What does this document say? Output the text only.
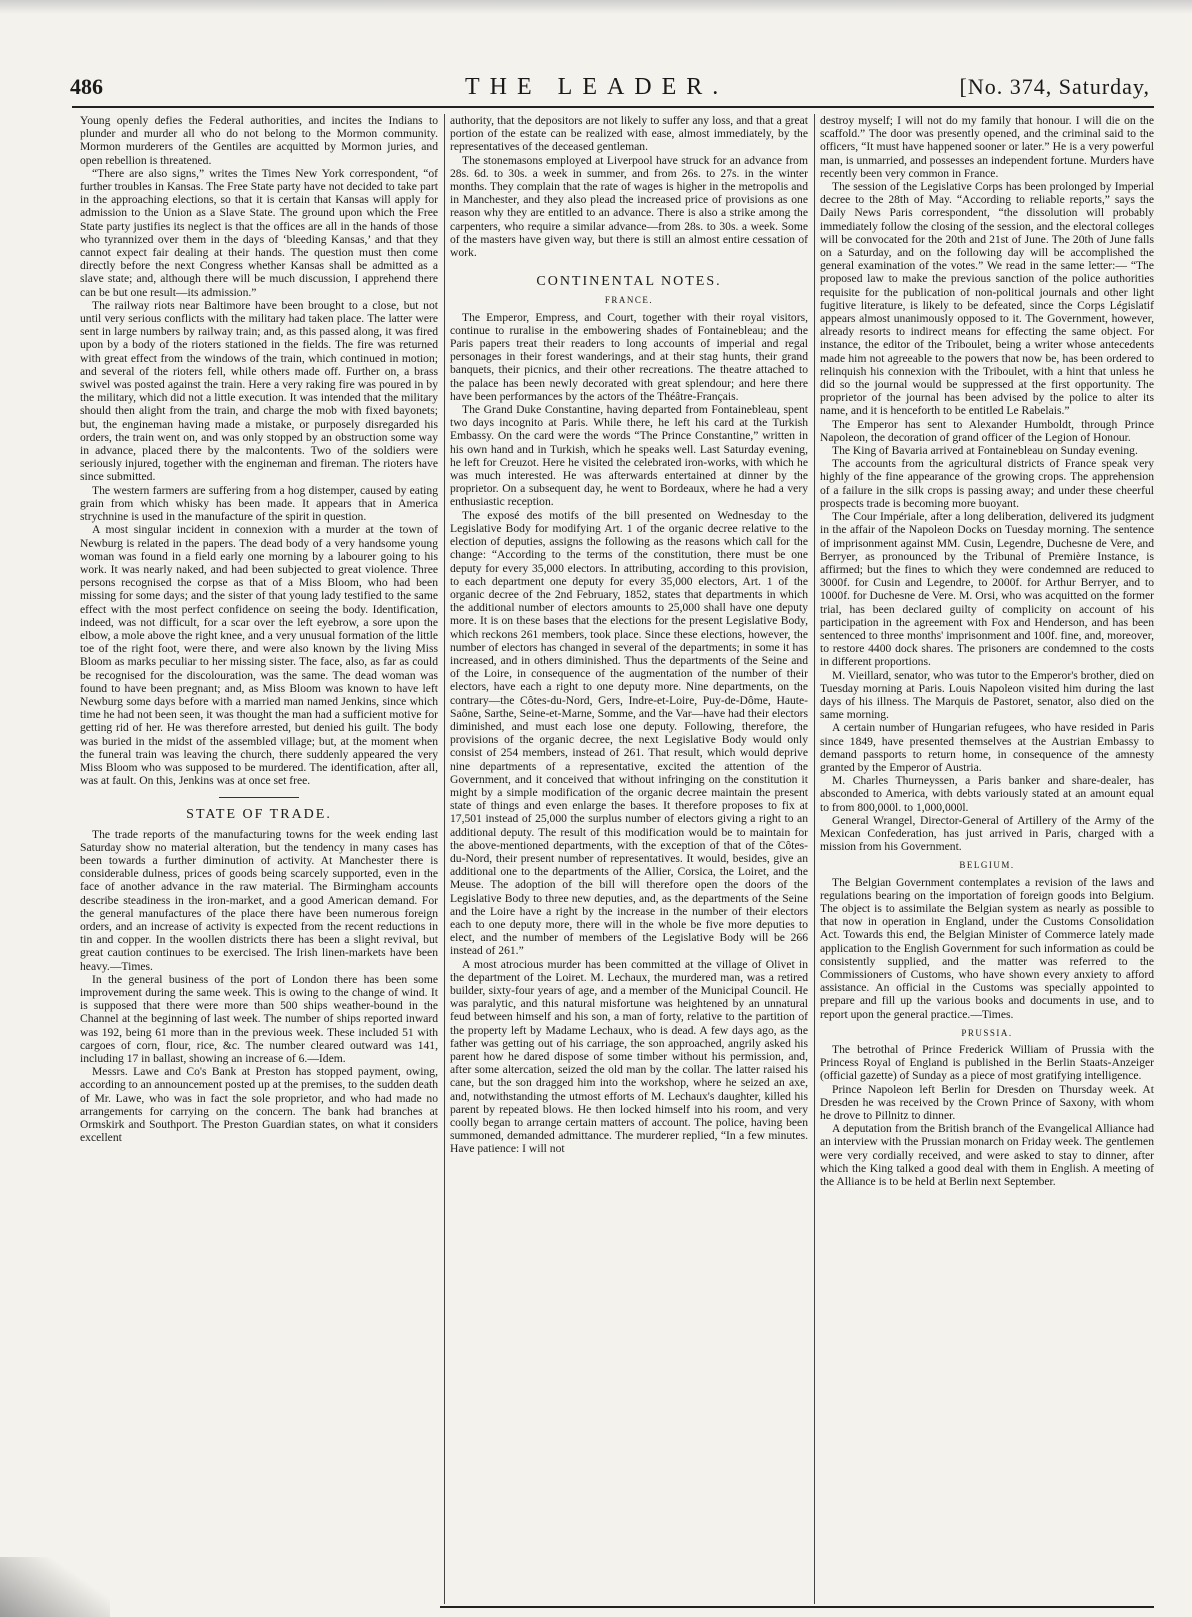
486	THE LEADER.	[No. 374, Saturday,

Young openly defies the Federal authorities, and incites the Indians to plunder and murder all who do not belong to the Mormon community. Mormon murderers of the Gentiles are acquitted by Mormon juries, and open rebellion is threatened.

“There are also signs,” writes the Times New York correspondent, “of further troubles in Kansas. The Free State party have not decided to take part in the approaching elections, so that it is certain that Kansas will apply for admission to the Union as a Slave State. The ground upon which the Free State party justifies its neglect is that the offices are all in the hands of those who tyrannized over them in the days of ‘bleeding Kansas,’ and that they cannot expect fair dealing at their hands. The question must then come directly before the next Congress whether Kansas shall be admitted as a slave state; and, although there will be much discussion, I apprehend there can be but one result—its admission.”

The railway riots near Baltimore have been brought to a close, but not until very serious conflicts with the military had taken place. The latter were sent in large numbers by railway train; and, as this passed along, it was fired upon by a body of the rioters stationed in the fields. The fire was returned with great effect from the windows of the train, which continued in motion; and several of the rioters fell, while others made off. Further on, a brass swivel was posted against the train. Here a very raking fire was poured in by the military, which did not a little execution. It was intended that the military should then alight from the train, and charge the mob with fixed bayonets; but, the engineman having made a mistake, or purposely disregarded his orders, the train went on, and was only stopped by an obstruction some way in advance, placed there by the malcontents. Two of the soldiers were seriously injured, together with the engineman and fireman. The rioters have since submitted.

The western farmers are suffering from a hog distemper, caused by eating grain from which whisky has been made. It appears that in America strychnine is used in the manufacture of the spirit in question.

A most singular incident in connexion with a murder at the town of Newburg is related in the papers. The dead body of a very handsome young woman was found in a field early one morning by a labourer going to his work. It was nearly naked, and had been subjected to great violence. Three persons recognised the corpse as that of a Miss Bloom, who had been missing for some days; and the sister of that young lady testified to the same effect with the most perfect confidence on seeing the body. Identification, indeed, was not difficult, for a scar over the left eyebrow, a sore upon the elbow, a mole above the right knee, and a very unusual formation of the little toe of the right foot, were there, and were also known by the living Miss Bloom as marks peculiar to her missing sister. The face, also, as far as could be recognised for the discolouration, was the same. The dead woman was found to have been pregnant; and, as Miss Bloom was known to have left Newburg some days before with a married man named Jenkins, since which time he had not been seen, it was thought the man had a sufficient motive for getting rid of her. He was therefore arrested, but denied his guilt. The body was buried in the midst of the assembled village; but, at the moment when the funeral train was leaving the church, there suddenly appeared the very Miss Bloom who was supposed to be murdered. The identification, after all, was at fault. On this, Jenkins was at once set free.

STATE OF TRADE.

The trade reports of the manufacturing towns for the week ending last Saturday show no material alteration, but the tendency in many cases has been towards a further diminution of activity. At Manchester there is considerable dulness, prices of goods being scarcely supported, even in the face of another advance in the raw material. The Birmingham accounts describe steadiness in the iron-market, and a good American demand. For the general manufactures of the place there have been numerous foreign orders, and an increase of activity is expected from the recent reductions in tin and copper. In the woollen districts there has been a slight revival, but great caution continues to be exercised. The Irish linen-markets have been heavy.—Times.

In the general business of the port of London there has been some improvement during the same week. This is owing to the change of wind. It is supposed that there were more than 500 ships weather-bound in the Channel at the beginning of last week. The number of ships reported inward was 192, being 61 more than in the previous week. These included 51 with cargoes of corn, flour, rice, &c. The number cleared outward was 141, including 17 in ballast, showing an increase of 6.—Idem.

Messrs. Lawe and Co's Bank at Preston has stopped payment, owing, according to an announcement posted up at the premises, to the sudden death of Mr. Lawe, who was in fact the sole proprietor, and who had made no arrangements for carrying on the concern. The bank had branches at Ormskirk and Southport. The Preston Guardian states, on what it considers excellent

authority, that the depositors are not likely to suffer any loss, and that a great portion of the estate can be realized with ease, almost immediately, by the representatives of the deceased gentleman.

The stonemasons employed at Liverpool have struck for an advance from 28s. 6d. to 30s. a week in summer, and from 26s. to 27s. in the winter months. They complain that the rate of wages is higher in the metropolis and in Manchester, and they also plead the increased price of provisions as one reason why they are entitled to an advance. There is also a strike among the carpenters, who require a similar advance—from 28s. to 30s. a week. Some of the masters have given way, but there is still an almost entire cessation of work.

CONTINENTAL NOTES.
FRANCE.

The Emperor, Empress, and Court, together with their royal visitors, continue to ruralise in the embowering shades of Fontainebleau; and the Paris papers treat their readers to long accounts of imperial and regal personages in their forest wanderings, and at their stag hunts, their grand banquets, their picnics, and their other recreations. The theatre attached to the palace has been newly decorated with great splendour; and here there have been performances by the actors of the Théâtre-Français.

The Grand Duke Constantine, having departed from Fontainebleau, spent two days incognito at Paris. While there, he left his card at the Turkish Embassy. On the card were the words “The Prince Constantine,” written in his own hand and in Turkish, which he speaks well. Last Saturday evening, he left for Creuzot. Here he visited the celebrated iron-works, with which he was much interested. He was afterwards entertained at dinner by the proprietor. On a subsequent day, he went to Bordeaux, where he had a very enthusiastic reception.

The exposé des motifs of the bill presented on Wednesday to the Legislative Body for modifying Art. 1 of the organic decree relative to the election of deputies, assigns the following as the reasons which call for the change: “According to the terms of the constitution, there must be one deputy for every 35,000 electors. In attributing, according to this provision, to each department one deputy for every 35,000 electors, Art. 1 of the organic decree of the 2nd February, 1852, states that departments in which the additional number of electors amounts to 25,000 shall have one deputy more. It is on these bases that the elections for the present Legislative Body, which reckons 261 members, took place. Since these elections, however, the number of electors has changed in several of the departments; in some it has increased, and in others diminished. Thus the departments of the Seine and of the Loire, in consequence of the augmentation of the number of their electors, have each a right to one deputy more. Nine departments, on the contrary—the Côtes-du-Nord, Gers, Indre-et-Loire, Puy-de-Dôme, Haute-Saône, Sarthe, Seine-et-Marne, Somme, and the Var—have had their electors diminished, and must each lose one deputy. Following, therefore, the provisions of the organic decree, the next Legislative Body would only consist of 254 members, instead of 261. That result, which would deprive nine departments of a representative, excited the attention of the Government, and it conceived that without infringing on the constitution it might by a simple modification of the organic decree maintain the present state of things and even enlarge the bases. It therefore proposes to fix at 17,501 instead of 25,000 the surplus number of electors giving a right to an additional deputy. The result of this modification would be to maintain for the above-mentioned departments, with the exception of that of the Côtes-du-Nord, their present number of representatives. It would, besides, give an additional one to the departments of the Allier, Corsica, the Loiret, and the Meuse. The adoption of the bill will therefore open the doors of the Legislative Body to three new deputies, and, as the departments of the Seine and the Loire have a right by the increase in the number of their electors each to one deputy more, there will in the whole be five more deputies to elect, and the number of members of the Legislative Body will be 266 instead of 261.”

A most atrocious murder has been committed at the village of Olivet in the department of the Loiret. M. Lechaux, the murdered man, was a retired builder, sixty-four years of age, and a member of the Municipal Council. He was paralytic, and this natural misfortune was heightened by an unnatural feud between himself and his son, a man of forty, relative to the partition of the property left by Madame Lechaux, who is dead. A few days ago, as the father was getting out of his carriage, the son approached, angrily asked his parent how he dared dispose of some timber without his permission, and, after some altercation, seized the old man by the collar. The latter raised his cane, but the son dragged him into the workshop, where he seized an axe, and, notwithstanding the utmost efforts of M. Lechaux's daughter, killed his parent by repeated blows. He then locked himself into his room, and very coolly began to arrange certain matters of account. The police, having been summoned, demanded admittance. The murderer replied, “In a few minutes. Have patience: I will not

destroy myself; I will not do my family that honour. I will die on the scaffold.” The door was presently opened, and the criminal said to the officers, “It must have happened sooner or later.” He is a very powerful man, is unmarried, and possesses an independent fortune. Murders have recently been very common in France.

The session of the Legislative Corps has been prolonged by Imperial decree to the 28th of May. “According to reliable reports,” says the Daily News Paris correspondent, “the dissolution will probably immediately follow the closing of the session, and the electoral colleges will be convocated for the 20th and 21st of June. The 20th of June falls on a Saturday, and on the following day will be accomplished the general examination of the votes.” We read in the same letter:— “The proposed law to make the previous sanction of the police authorities requisite for the publication of non-political journals and other light fugitive literature, is likely to be defeated, since the Corps Législatif appears almost unanimously opposed to it. The Government, however, already resorts to indirect means for effecting the same object. For instance, the editor of the Triboulet, being a writer whose antecedents made him not agreeable to the powers that now be, has been ordered to relinquish his connexion with the Triboulet, with a hint that unless he did so the journal would be suppressed at the first opportunity. The proprietor of the journal has been advised by the police to alter its name, and it is henceforth to be entitled Le Rabelais.”

The Emperor has sent to Alexander Humboldt, through Prince Napoleon, the decoration of grand officer of the Legion of Honour.

The King of Bavaria arrived at Fontainebleau on Sunday evening.

The accounts from the agricultural districts of France speak very highly of the fine appearance of the growing crops. The apprehension of a failure in the silk crops is passing away; and under these cheerful prospects trade is becoming more buoyant.

The Cour Impériale, after a long deliberation, delivered its judgment in the affair of the Napoleon Docks on Tuesday morning. The sentence of imprisonment against MM. Cusin, Legendre, Duchesne de Vere, and Berryer, as pronounced by the Tribunal of Première Instance, is affirmed; but the fines to which they were condemned are reduced to 3000f. for Cusin and Legendre, to 2000f. for Arthur Berryer, and to 1000f. for Duchesne de Vere. M. Orsi, who was acquitted on the former trial, has been declared guilty of complicity on account of his participation in the agreement with Fox and Henderson, and has been sentenced to three months' imprisonment and 100f. fine, and, moreover, to restore 4400 dock shares. The prisoners are condemned to the costs in different proportions.

M. Vieillard, senator, who was tutor to the Emperor's brother, died on Tuesday morning at Paris. Louis Napoleon visited him during the last days of his illness. The Marquis de Pastoret, senator, also died on the same morning.

A certain number of Hungarian refugees, who have resided in Paris since 1849, have presented themselves at the Austrian Embassy to demand passports to return home, in consequence of the amnesty granted by the Emperor of Austria.

M. Charles Thurneyssen, a Paris banker and share-dealer, has absconded to America, with debts variously stated at an amount equal to from 800,000l. to 1,000,000l.

General Wrangel, Director-General of Artillery of the Army of the Mexican Confederation, has just arrived in Paris, charged with a mission from his Government.

BELGIUM.

The Belgian Government contemplates a revision of the laws and regulations bearing on the importation of foreign goods into Belgium. The object is to assimilate the Belgian system as nearly as possible to that now in operation in England, under the Customs Consolidation Act. Towards this end, the Belgian Minister of Commerce lately made application to the English Government for such information as could be consistently supplied, and the matter was referred to the Commissioners of Customs, who have shown every anxiety to afford assistance. An official in the Customs was specially appointed to prepare and fill up the various books and documents in use, and to report upon the general practice.—Times.

PRUSSIA.

The betrothal of Prince Frederick William of Prussia with the Princess Royal of England is published in the Berlin Staats-Anzeiger (official gazette) of Sunday as a piece of most gratifying intelligence.

Prince Napoleon left Berlin for Dresden on Thursday week. At Dresden he was received by the Crown Prince of Saxony, with whom he drove to Pillnitz to dinner.

A deputation from the British branch of the Evangelical Alliance had an interview with the Prussian monarch on Friday week. The gentlemen were very cordially received, and were asked to stay to dinner, after which the King talked a good deal with them in English. A meeting of the Alliance is to be held at Berlin next September.
